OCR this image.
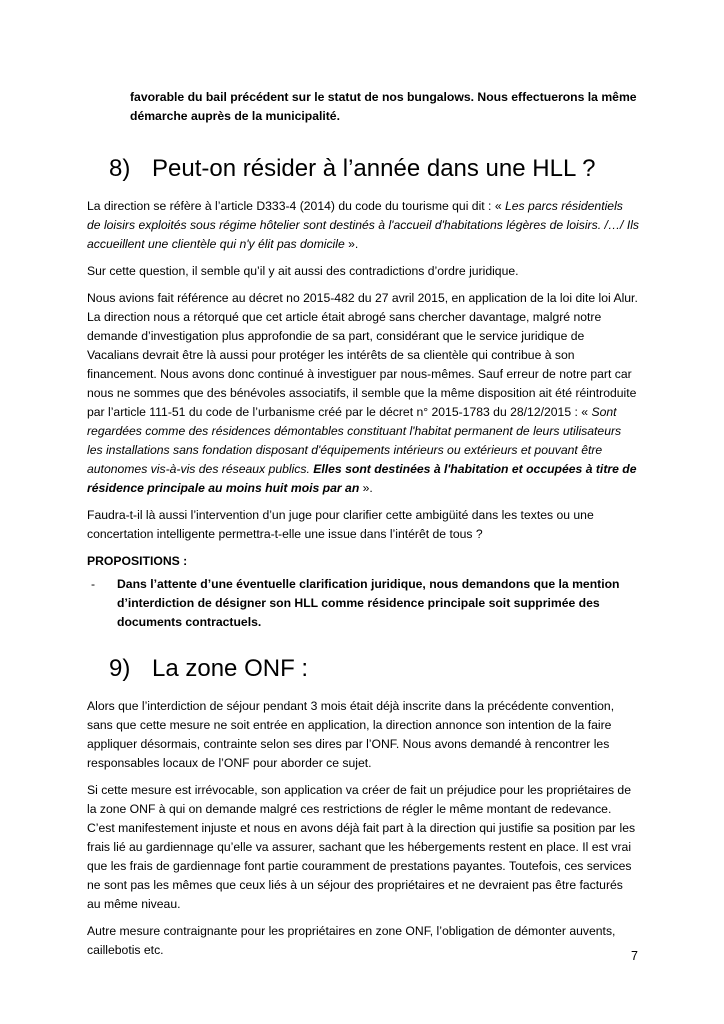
favorable du bail précédent sur le statut de nos bungalows. Nous effectuerons la même démarche auprès de la municipalité.

8) Peut-on résider à l’année dans une HLL ?

La direction se réfère à l’article D333-4 (2014) du code du tourisme qui dit : « Les parcs résidentiels de loisirs exploités sous régime hôtelier sont destinés à l'accueil d'habitations légères de loisirs. /…/ Ils accueillent une clientèle qui n'y élit pas domicile ».

Sur cette question, il semble qu’il y ait aussi des contradictions d’ordre juridique.

Nous avions fait référence au décret no 2015-482 du 27 avril 2015, en application de la loi dite loi Alur. La direction nous a rétorqué que cet article était abrogé sans chercher davantage, malgré notre demande d’investigation plus approfondie de sa part, considérant que le service juridique de Vacalians devrait être là aussi pour protéger les intérêts de sa clientèle qui contribue à son financement. Nous avons donc continué à investiguer par nous-mêmes. Sauf erreur de notre part car nous ne sommes que des bénévoles associatifs, il semble que la même disposition ait été réintroduite par l’article 111-51 du code de l’urbanisme créé par le décret n° 2015-1783 du 28/12/2015 : « Sont regardées comme des résidences démontables constituant l'habitat permanent de leurs utilisateurs les installations sans fondation disposant d'équipements intérieurs ou extérieurs et pouvant être autonomes vis-à-vis des réseaux publics. Elles sont destinées à l'habitation et occupées à titre de résidence principale au moins huit mois par an ».

Faudra-t-il là aussi l’intervention d’un juge pour clarifier cette ambigüité dans les textes ou une concertation intelligente permettra-t-elle une issue dans l’intérêt de tous ?

PROPOSITIONS :

-	Dans l’attente d’une éventuelle clarification juridique, nous demandons que la mention d’interdiction de désigner son HLL comme résidence principale soit supprimée des documents contractuels.
9) La zone ONF :

Alors que l’interdiction de séjour pendant 3 mois était déjà inscrite dans la précédente convention, sans que cette mesure ne soit entrée en application, la direction annonce son intention de la faire appliquer désormais, contrainte selon ses dires par l’ONF. Nous avons demandé à rencontrer les responsables locaux de l’ONF pour aborder ce sujet.

Si cette mesure est irrévocable, son application va créer de fait un préjudice pour les propriétaires de la zone ONF à qui on demande malgré ces restrictions de régler le même montant de redevance. C’est manifestement injuste et nous en avons déjà fait part à la direction qui justifie sa position par les frais lié au gardiennage qu’elle va assurer, sachant que les hébergements restent en place. Il est vrai que les frais de gardiennage font partie couramment de prestations payantes. Toutefois, ces services ne sont pas les mêmes que ceux liés à un séjour des propriétaires et ne devraient pas être facturés au même niveau.

Autre mesure contraignante pour les propriétaires en zone ONF, l’obligation de démonter auvents, caillebotis etc.	7
